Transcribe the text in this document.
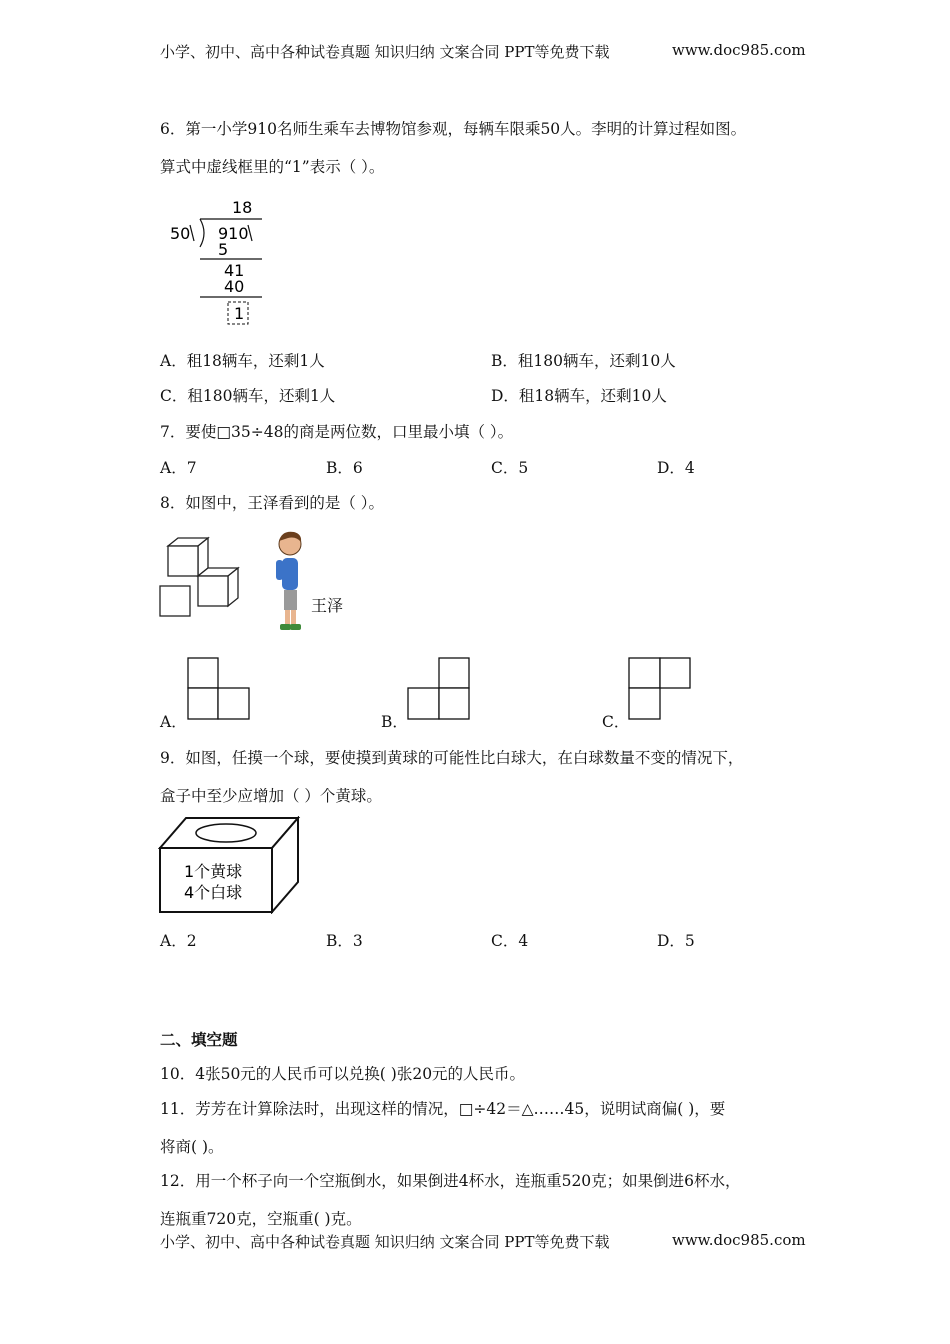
小学、初中、高中各种试卷真题 知识归纳 文案合同 PPT等免费下载	www.doc985.com
6．第一小学910名师生乘车去博物馆参观，每辆车限乘50人。李明的计算过程如图。
算式中虚线框里的“1”表示（ ）。
18
50 910
5
41
40
1
A．租18辆车，还剩1人	B．租180辆车，还剩10人
C．租180辆车，还剩1人	D．租18辆车，还剩10人
7．要使□35÷48的商是两位数，口里最小填（ ）。
A．7	B．6	C．5	D．4
8．如图中，王泽看到的是（ ）。
王泽
A．	B．	C．
9．如图，任摸一个球，要使摸到黄球的可能性比白球大，在白球数量不变的情况下，
盒子中至少应增加（ ）个黄球。
1个黄球
4个白球
A．2	B．3	C．4	D．5
二、填空题
10．4张50元的人民币可以兑换( )张20元的人民币。
11．芳芳在计算除法时，出现这样的情况，□÷42＝△……45，说明试商偏( )，要
将商( )。
12．用一个杯子向一个空瓶倒水，如果倒进4杯水，连瓶重520克；如果倒进6杯水，
连瓶重720克，空瓶重( )克。
小学、初中、高中各种试卷真题 知识归纳 文案合同 PPT等免费下载	www.doc985.com
